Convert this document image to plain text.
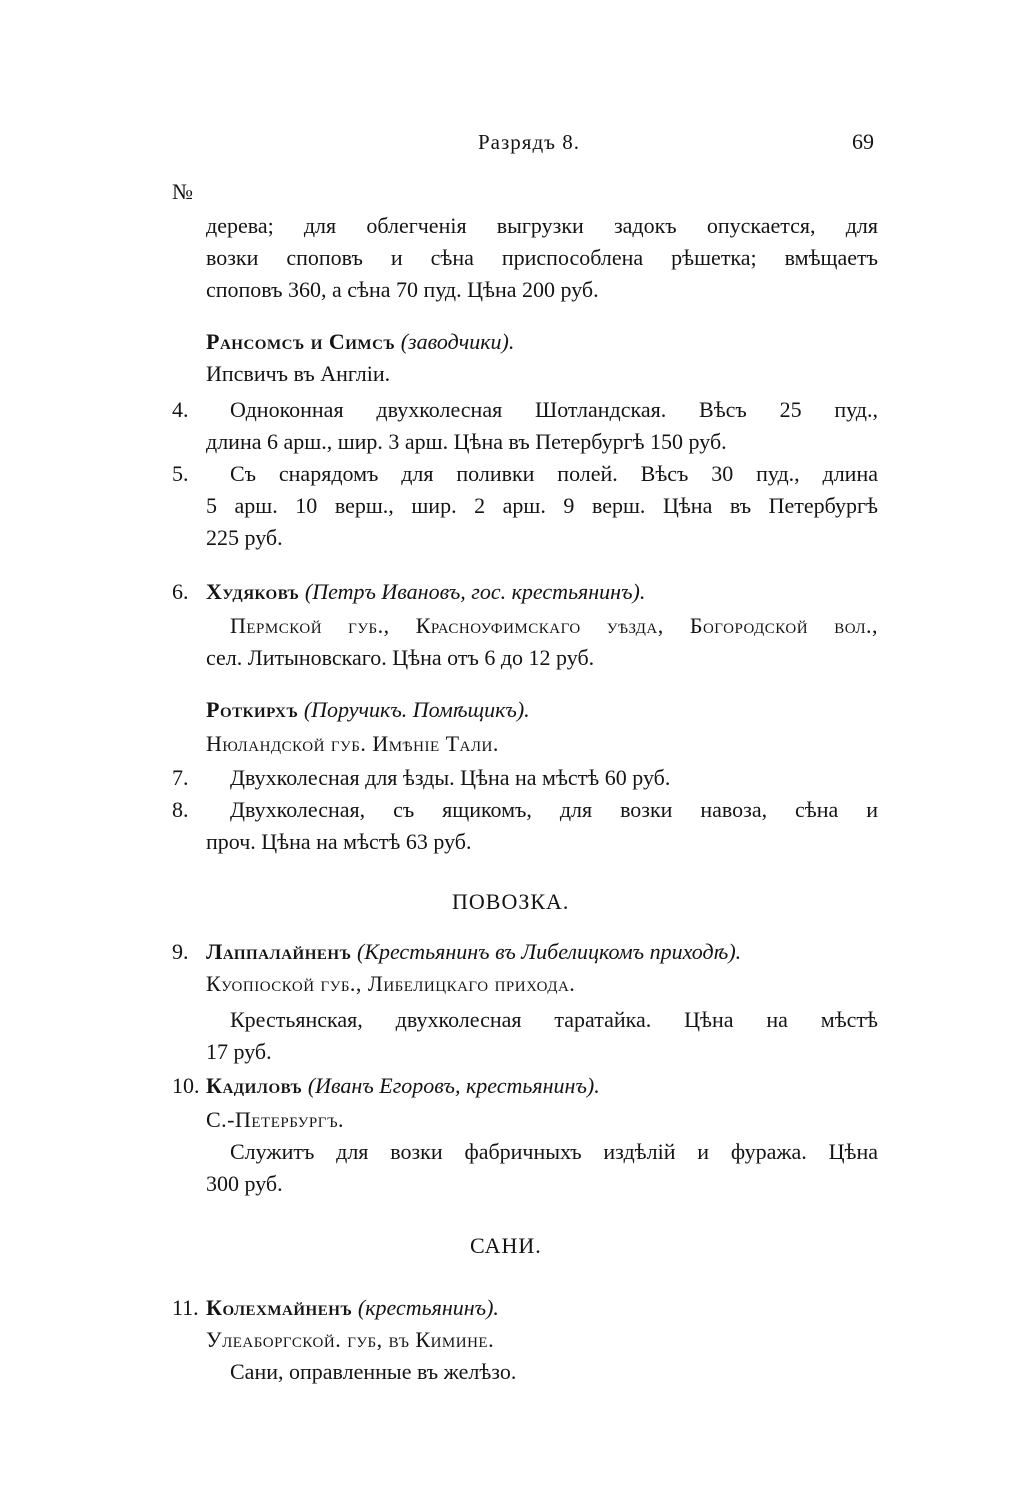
Разрядъ 8.	69
№
дерева; для облегченія выгрузки задокъ опускается, для
возки споповъ и сѣна приспособлена рѣшетка; вмѣщаетъ
споповъ 360, а сѣна 70 пуд. Цѣна 200 руб.
Рансомсъ и Симсъ (заводчики).
Ипсвичъ въ Англіи.
4. Одноконная двухколесная Шотландская. Вѣсъ 25 пуд.,
длина 6 арш., шир. 3 арш. Цѣна въ Петербургѣ 150 руб.
5. Съ снарядомъ для поливки полей. Вѣсъ 30 пуд., длина
5 арш. 10 верш., шир. 2 арш. 9 верш. Цѣна въ Петербургѣ
225 руб.
6. Худяковъ (Петръ Ивановъ, гос. крестьянинъ).
Пермской губ., Красноуфимскаго уѣзда, Богородской вол.,
сел. Литыновскаго. Цѣна отъ 6 до 12 руб.
Роткирхъ (Поручикъ. Помѣщикъ).
Нюландской губ. Имѣніе Тали.
7. Двухколесная для ѣзды. Цѣна на мѣстѣ 60 руб.
8. Двухколесная, съ ящикомъ, для возки навоза, сѣна и
проч. Цѣна на мѣстѣ 63 руб.
ПОВОЗКА.
9. Лаппалайненъ (Крестьянинъ въ Либелицкомъ приходѣ).
Куопіоской губ., Либелицкаго прихода.
Крестьянская, двухколесная таратайка. Цѣна на мѣстѣ
17 руб.
10. Кадиловъ (Иванъ Егоровъ, крестьянинъ).
С.-Петербургъ.
Служитъ для возки фабричныхъ издѣлій и фуража. Цѣна
300 руб.
САНИ.
11. Колехмайненъ (крестьянинъ).
Улеаборгской. губ, въ Кимине.
Сани, оправленные въ желѣзо.
